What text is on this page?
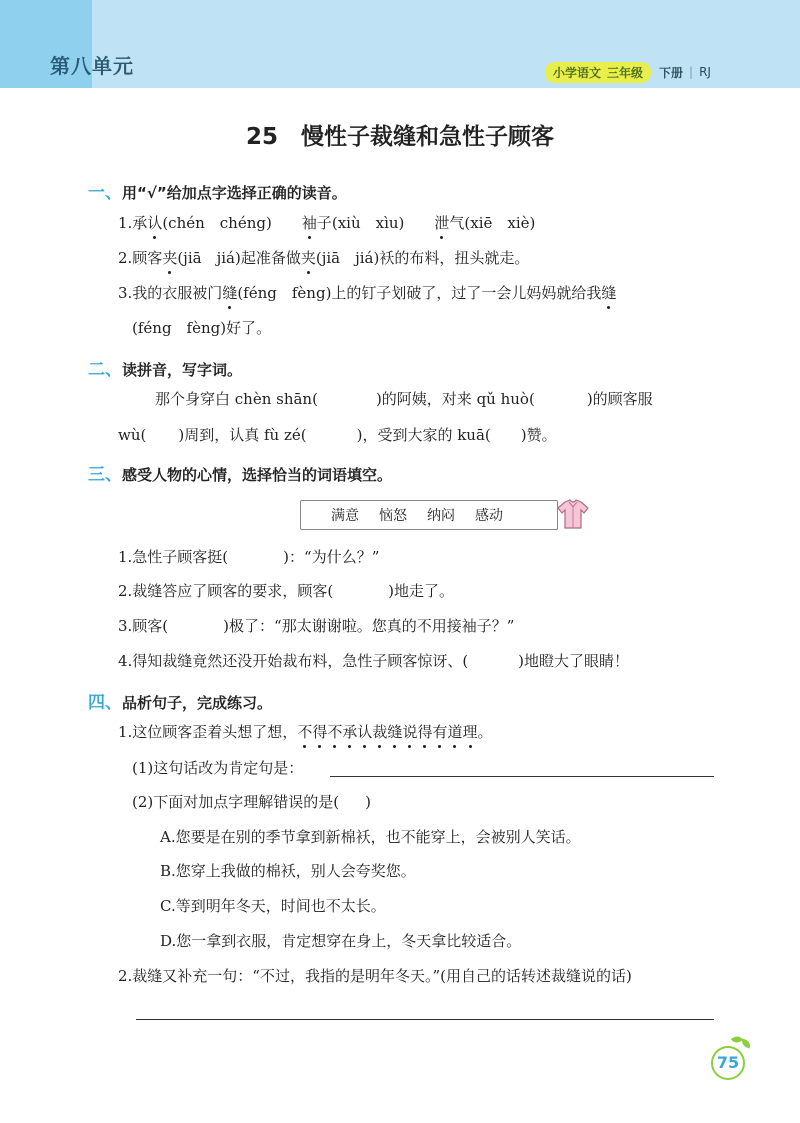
第八单元	小学语文 三年级	下册 | RJ
25　慢性子裁缝和急性子顾客
一、用“√”给加点字选择正确的读音。
1.承认(chén　chéng)　　袖子(xiù　xìu)　　泄气(xiē　xiè)
2.顾客夹(jiā　jiá)起准备做夹(jiā　jiá)袄的布料，扭头就走。
3.我的衣服被门缝(féng　fèng)上的钉子划破了，过了一会儿妈妈就给我缝
(féng　fèng)好了。
二、读拼音，写字词。
那个身穿白 chèn shān(	)的阿姨，对来 qǔ huò(	)的顾客服
wù( )周到，认真 fù zé(	)，受到大家的 kuā( )赞。
三、感受人物的心情，选择恰当的词语填空。
满意 恼怒 纳闷 感动
1.急性子顾客挺(	)：“为什么？”
2.裁缝答应了顾客的要求，顾客(	)地走了。
3.顾客(	)极了：“那太谢谢啦。您真的不用接袖子？”
4.得知裁缝竟然还没开始裁布料，急性子顾客惊讶、(	)地瞪大了眼睛！
四、品析句子，完成练习。
1.这位顾客歪着头想了想，不得不承认裁缝说得有道理。
(1)这句话改为肯定句是：
(2)下面对加点字理解错误的是( )
A.您要是在别的季节拿到新棉袄，也不能穿上，会被别人笑话。
B.您穿上我做的棉袄，别人会夸奖您。
C.等到明年冬天，时间也不太长。
D.您一拿到衣服，肯定想穿在身上，冬天拿比较适合。
2.裁缝又补充一句：“不过，我指的是明年冬天。”(用自己的话转述裁缝说的话)
75
